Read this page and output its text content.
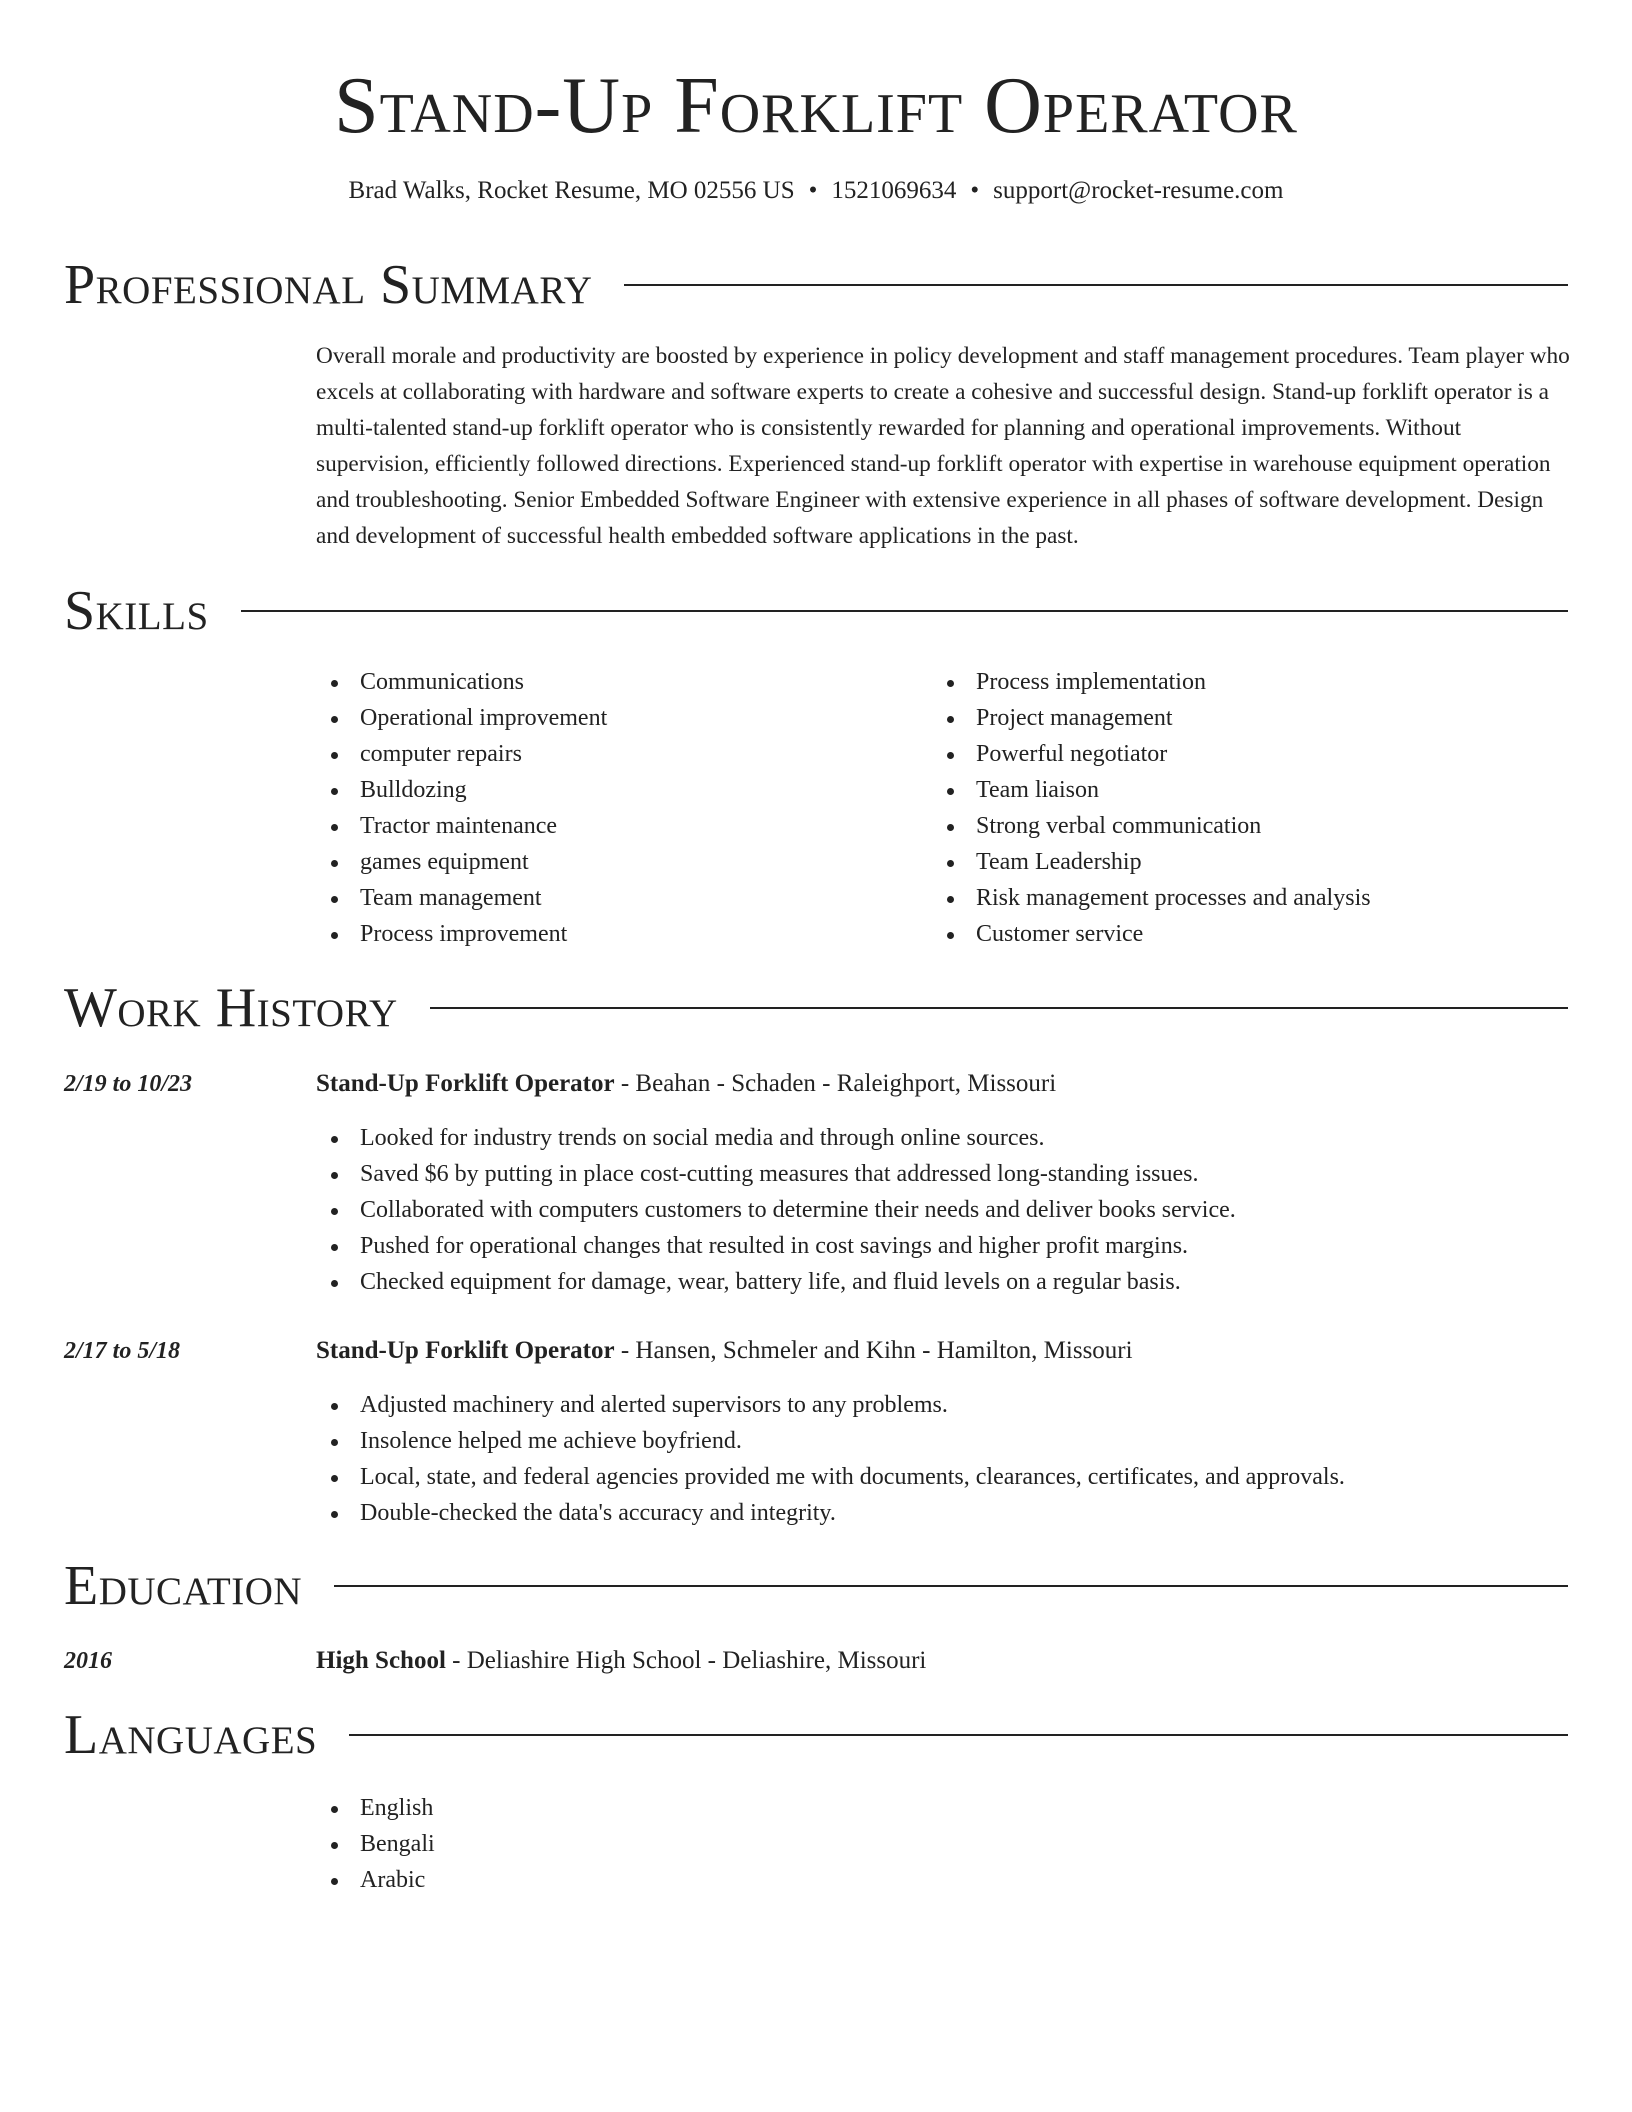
Stand-Up Forklift Operator
Brad Walks, Rocket Resume, MO 02556 US • 1521069634 • support@rocket-resume.com
Professional Summary

Overall morale and productivity are boosted by experience in policy development and staff management procedures. Team player who excels at collaborating with hardware and software experts to create a cohesive and successful design. Stand-up forklift operator is a multi-talented stand-up forklift operator who is consistently rewarded for planning and operational improvements. Without supervision, efficiently followed directions. Experienced stand-up forklift operator with expertise in warehouse equipment operation and troubleshooting. Senior Embedded Software Engineer with extensive experience in all phases of software development. Design and development of successful health embedded software applications in the past.

Skills
Communications
Operational improvement
computer repairs
Bulldozing
Tractor maintenance
games equipment
Team management
Process improvement
Process implementation
Project management
Powerful negotiator
Team liaison
Strong verbal communication
Team Leadership
Risk management processes and analysis
Customer service
Work History
2/19 to 10/23	Stand-Up Forklift Operator - Beahan - Schaden - Raleighport, Missouri
Looked for industry trends on social media and through online sources.
Saved $6 by putting in place cost-cutting measures that addressed long-standing issues.
Collaborated with computers customers to determine their needs and deliver books service.
Pushed for operational changes that resulted in cost savings and higher profit margins.
Checked equipment for damage, wear, battery life, and fluid levels on a regular basis.
2/17 to 5/18	Stand-Up Forklift Operator - Hansen, Schmeler and Kihn - Hamilton, Missouri
Adjusted machinery and alerted supervisors to any problems.
Insolence helped me achieve boyfriend.
Local, state, and federal agencies provided me with documents, clearances, certificates, and approvals.
Double-checked the data's accuracy and integrity.
Education
2016	High School - Deliashire High School - Deliashire, Missouri
Languages
English
Bengali
Arabic
